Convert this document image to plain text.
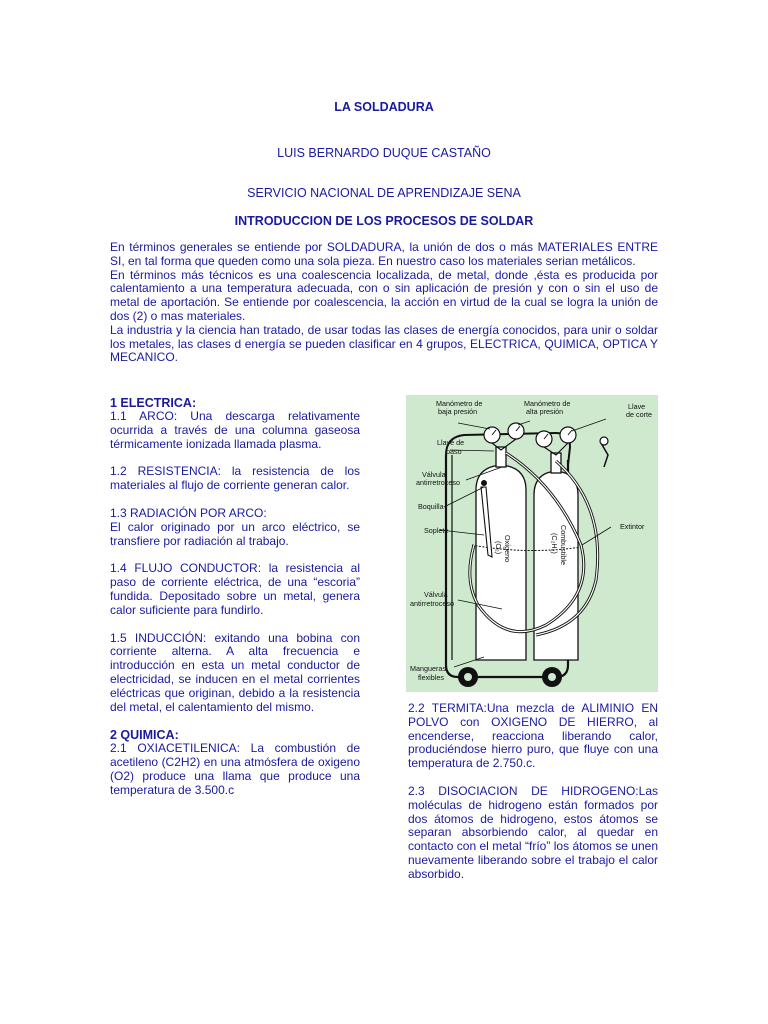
LA SOLDADURA
LUIS BERNARDO DUQUE CASTAÑO
SERVICIO NACIONAL DE APRENDIZAJE SENA
INTRODUCCION DE LOS PROCESOS DE SOLDAR

En términos generales se entiende por SOLDADURA, la unión de dos o más MATERIALES ENTRE SI, en tal forma que queden como una sola pieza. En nuestro caso los materiales serian metálicos.

En términos más técnicos es una coalescencia localizada, de metal, donde ,ésta es producida por calentamiento a una temperatura adecuada, con o sin aplicación de presión y con o sin el uso de metal de aportación. Se entiende por coalescencia, la acción en virtud de la cual se logra la unión de dos (2) o mas materiales.

La industria y la ciencia han tratado, de usar todas las clases de energía conocidos, para unir o soldar los metales, las clases d energía se pueden clasificar en 4 grupos, ELECTRICA, QUIMICA, OPTICA Y MECANICO.

1 ELECTRICA:

1.1 ARCO: Una descarga relativamente ocurrida a través de una columna gaseosa térmicamente ionizada llamada plasma.

1.2 RESISTENCIA: la resistencia de los materiales al flujo de corriente generan calor.

1.3 RADIACIÓN POR ARCO:

El calor originado por un arco eléctrico, se transfiere por radiación al trabajo.

1.4 FLUJO CONDUCTOR: la resistencia al paso de corriente eléctrica, de una “escoria” fundida. Depositado sobre un metal, genera calor suficiente para fundirlo.

1.5 INDUCCIÓN: exitando una bobina con corriente alterna. A alta frecuencia e introducción en esta un metal conductor de electricidad, se inducen en el metal corrientes eléctricas que originan, debido a la resistencia del metal, el calentamiento del mismo.

2 QUIMICA:

2.1 OXIACETILENICA: La combustión de acetileno (C2H2) en una atmósfera de oxigeno (O2) produce una llama que produce una temperatura de 3.500.c

Manómetro de
baja presión
Manómetro de
alta presión
Llave
de corte
Llave de
paso
Válvula
antirretroceso
Boquilla
Soplete	Extintor
Válvula
antirretroceso
Mangueras
flexibles
Oxígeno
(O₂)	Combustible
(C₂H₂)

2.2 TERMITA:Una mezcla de ALIMINIO EN POLVO con OXIGENO DE HIERRO, al encenderse, reacciona liberando calor, produciéndose hierro puro, que fluye con una temperatura de 2.750.c.

2.3 DISOCIACION DE HIDROGENO:Las moléculas de hidrogeno están formados por dos átomos de hidrogeno, estos átomos se separan absorbiendo calor, al quedar en contacto con el metal “frío” los átomos se unen nuevamente liberando sobre el trabajo el calor absorbido.
